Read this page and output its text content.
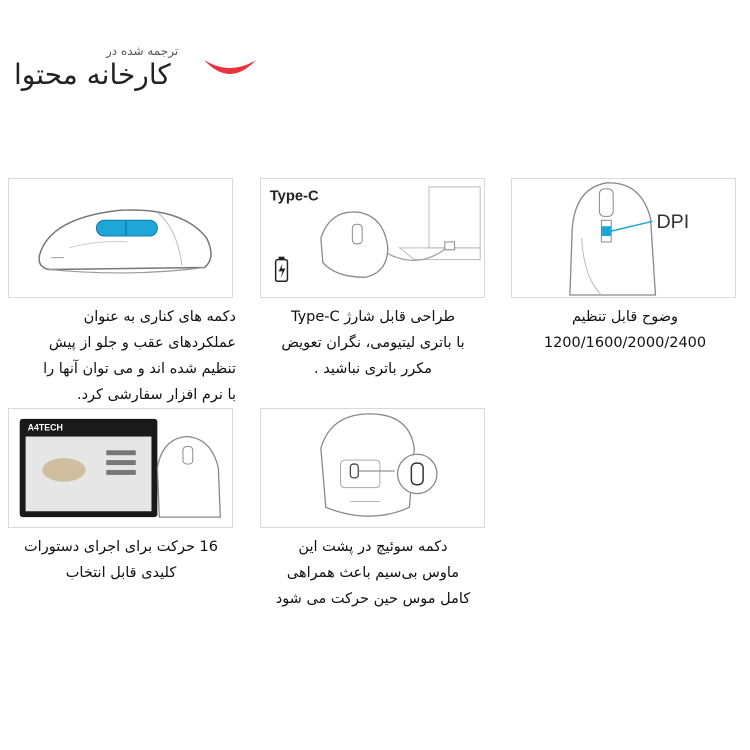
ترجمه شده در
کارخانه محتوا
Type-C
DPI
A4TECH
دکمه های کناری به عنوان
عملکردهای عقب و جلو از پیش
تنظیم شده اند و می توان آنها را
با نرم افزار سفارشی کرد.
طراحی قابل شارژ Type-C
با باتری لیتیومی، نگران تعویض
مکرر باتری نباشید .
وضوح قابل تنظیم
1200/1600/2000/2400
16 حرکت برای اجرای دستورات
کلیدی قابل انتخاب
دکمه سوئیچ در پشت این
ماوس بی‌سیم باعث همراهی
کامل موس حین حرکت می شود
